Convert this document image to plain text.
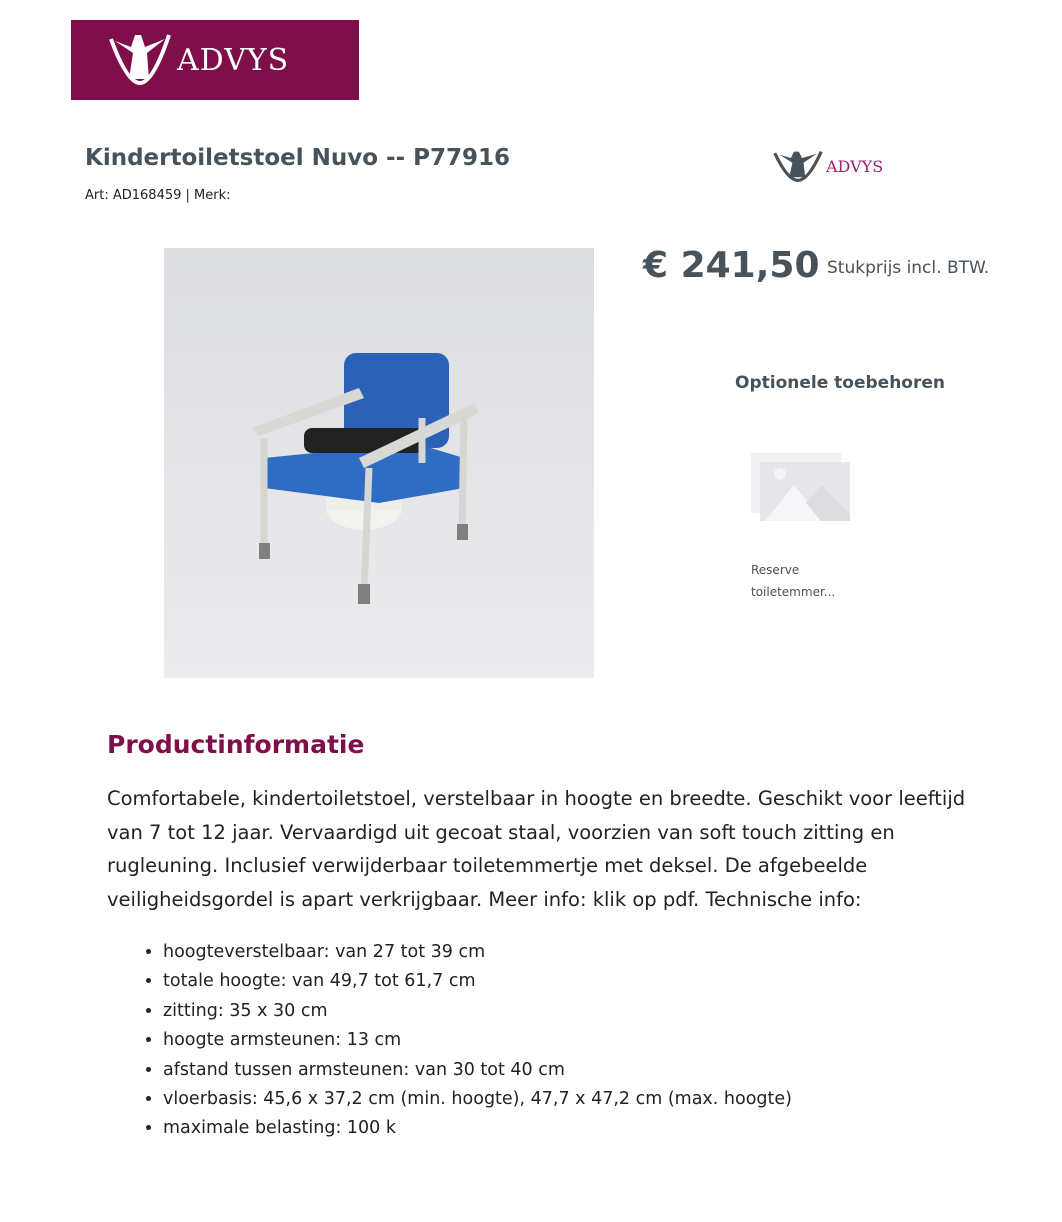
ADVYS
Kindertoiletstoel Nuvo -- P77916
Art: AD168459 | Merk:
ADVYS
€ 241,50 Stukprijs incl. BTW.
Optionele toebehoren
Reserve toiletemmer...
Productinformatie

Comfortabele, kindertoiletstoel, verstelbaar in hoogte en breedte. Geschikt voor leeftijd van 7 tot 12 jaar. Vervaardigd uit gecoat staal, voorzien van soft touch zitting en rugleuning. Inclusief verwijderbaar toiletemmertje met deksel. De afgebeelde veiligheidsgordel is apart verkrijgbaar. Meer info: klik op pdf. Technische info:

• hoogteverstelbaar: van 27 tot 39 cm
• totale hoogte: van 49,7 tot 61,7 cm
• zitting: 35 x 30 cm
• hoogte armsteunen: 13 cm
• afstand tussen armsteunen: van 30 tot 40 cm
• vloerbasis: 45,6 x 37,2 cm (min. hoogte), 47,7 x 47,2 cm (max. hoogte)
• maximale belasting: 100 k
